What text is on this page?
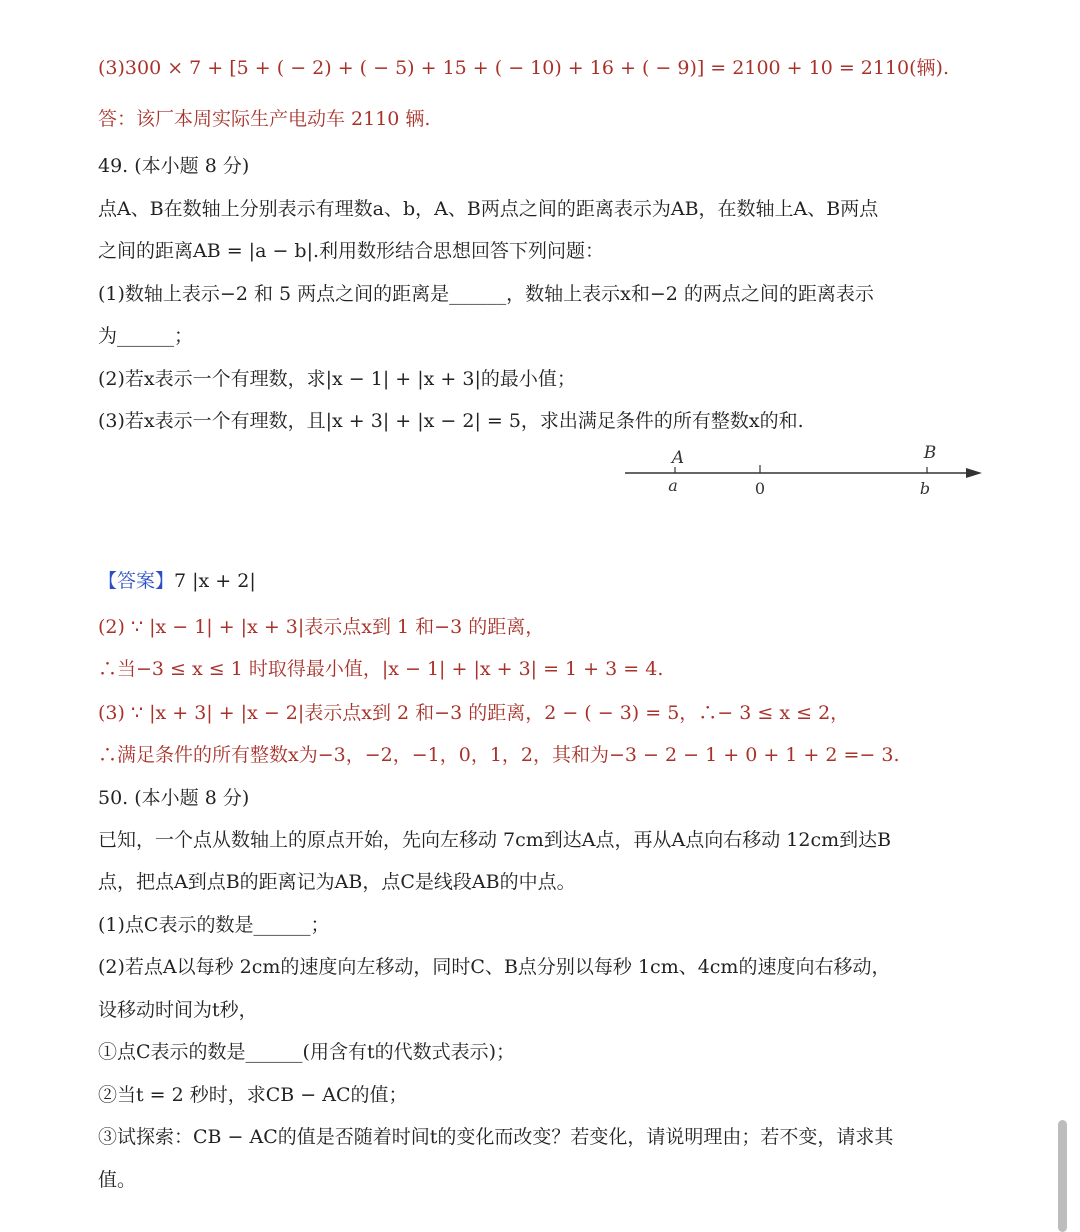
(3)300 × 7 + [5 + ( − 2) + ( − 5) + 15 + ( − 10) + 16 + ( − 9)] = 2100 + 10 = 2110(辆).
答：该厂本周实际生产电动车 2110 辆.
49. (本小题 8 分)
点A、B在数轴上分别表示有理数a、b，A、B两点之间的距离表示为AB，在数轴上A、B两点
之间的距离AB = |a − b|.利用数形结合思想回答下列问题：
(1)数轴上表示−2 和 5 两点之间的距离是______，数轴上表示x和−2 的两点之间的距离表示
为______；
(2)若x表示一个有理数，求|x − 1| + |x + 3|的最小值；
(3)若x表示一个有理数，且|x + 3| + |x − 2| = 5，求出满足条件的所有整数x的和.
A	B
a	0	b
【答案】7 |x + 2|
(2) ∵ |x − 1| + |x + 3|表示点x到 1 和−3 的距离，
∴当−3 ≤ x ≤ 1 时取得最小值，|x − 1| + |x + 3| = 1 + 3 = 4.
(3) ∵ |x + 3| + |x − 2|表示点x到 2 和−3 的距离，2 − ( − 3) = 5，∴− 3 ≤ x ≤ 2，
∴满足条件的所有整数x为−3，−2，−1，0，1，2，其和为−3 − 2 − 1 + 0 + 1 + 2 =− 3.
50. (本小题 8 分)
已知，一个点从数轴上的原点开始，先向左移动 7cm到达A点，再从A点向右移动 12cm到达B
点，把点A到点B的距离记为AB，点C是线段AB的中点。
(1)点C表示的数是______；
(2)若点A以每秒 2cm的速度向左移动，同时C、B点分别以每秒 1cm、4cm的速度向右移动，
设移动时间为t秒，
①点C表示的数是______(用含有t的代数式表示)；
②当t = 2 秒时，求CB − AC的值；
③试探索：CB − AC的值是否随着时间t的变化而改变？若变化，请说明理由；若不变，请求其
值。
